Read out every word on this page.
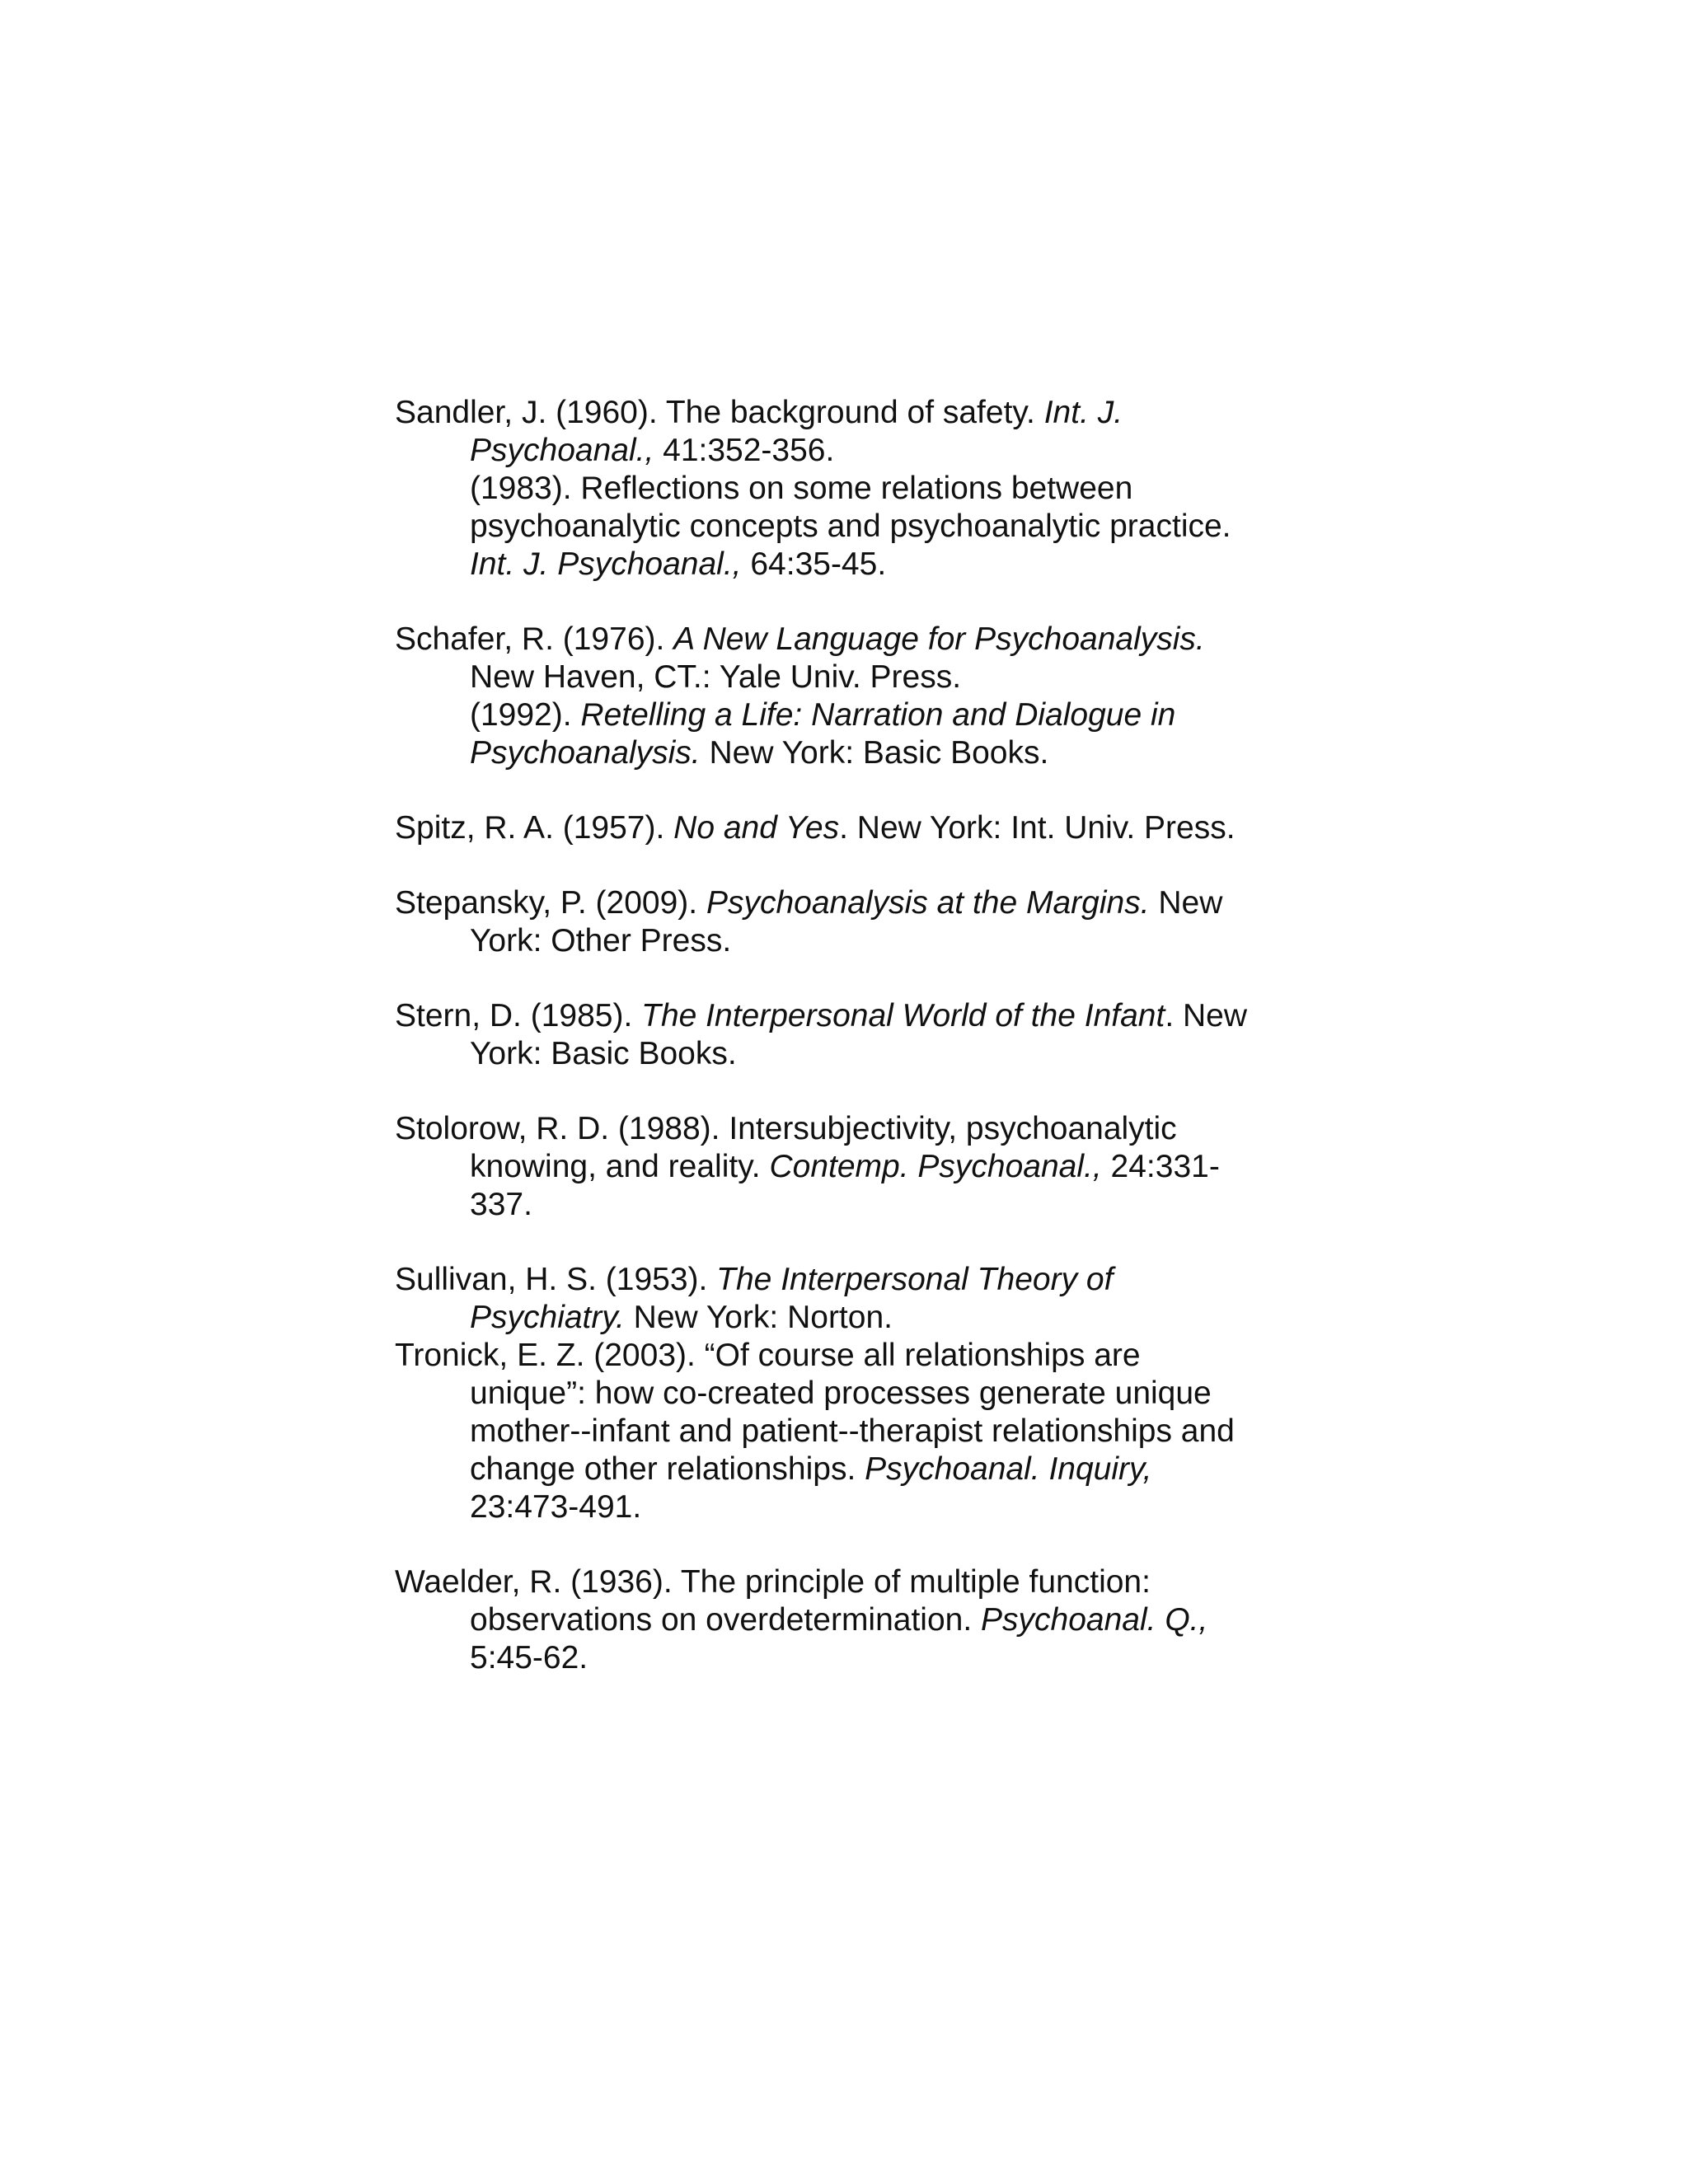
Sandler, J. (1960). The background of safety. Int. J.
Psychoanal., 41:352-356.
(1983). Reflections on some relations between
psychoanalytic concepts and psychoanalytic practice.
Int. J. Psychoanal., 64:35-45.
Schafer, R. (1976). A New Language for Psychoanalysis.
New Haven, CT.: Yale Univ. Press.
(1992). Retelling a Life: Narration and Dialogue in
Psychoanalysis. New York: Basic Books.
Spitz, R. A. (1957). No and Yes. New York: Int. Univ. Press.
Stepansky, P. (2009). Psychoanalysis at the Margins. New
York: Other Press.
Stern, D. (1985). The Interpersonal World of the Infant. New
York: Basic Books.
Stolorow, R. D. (1988). Intersubjectivity, psychoanalytic
knowing, and reality. Contemp. Psychoanal., 24:331-
337.
Sullivan, H. S. (1953). The Interpersonal Theory of
Psychiatry. New York: Norton.
Tronick, E. Z. (2003). “Of course all relationships are
unique”: how co-created processes generate unique
mother--infant and patient--therapist relationships and
change other relationships. Psychoanal. Inquiry,
23:473-491.
Waelder, R. (1936). The principle of multiple function:
observations on overdetermination. Psychoanal. Q.,
5:45-62.
